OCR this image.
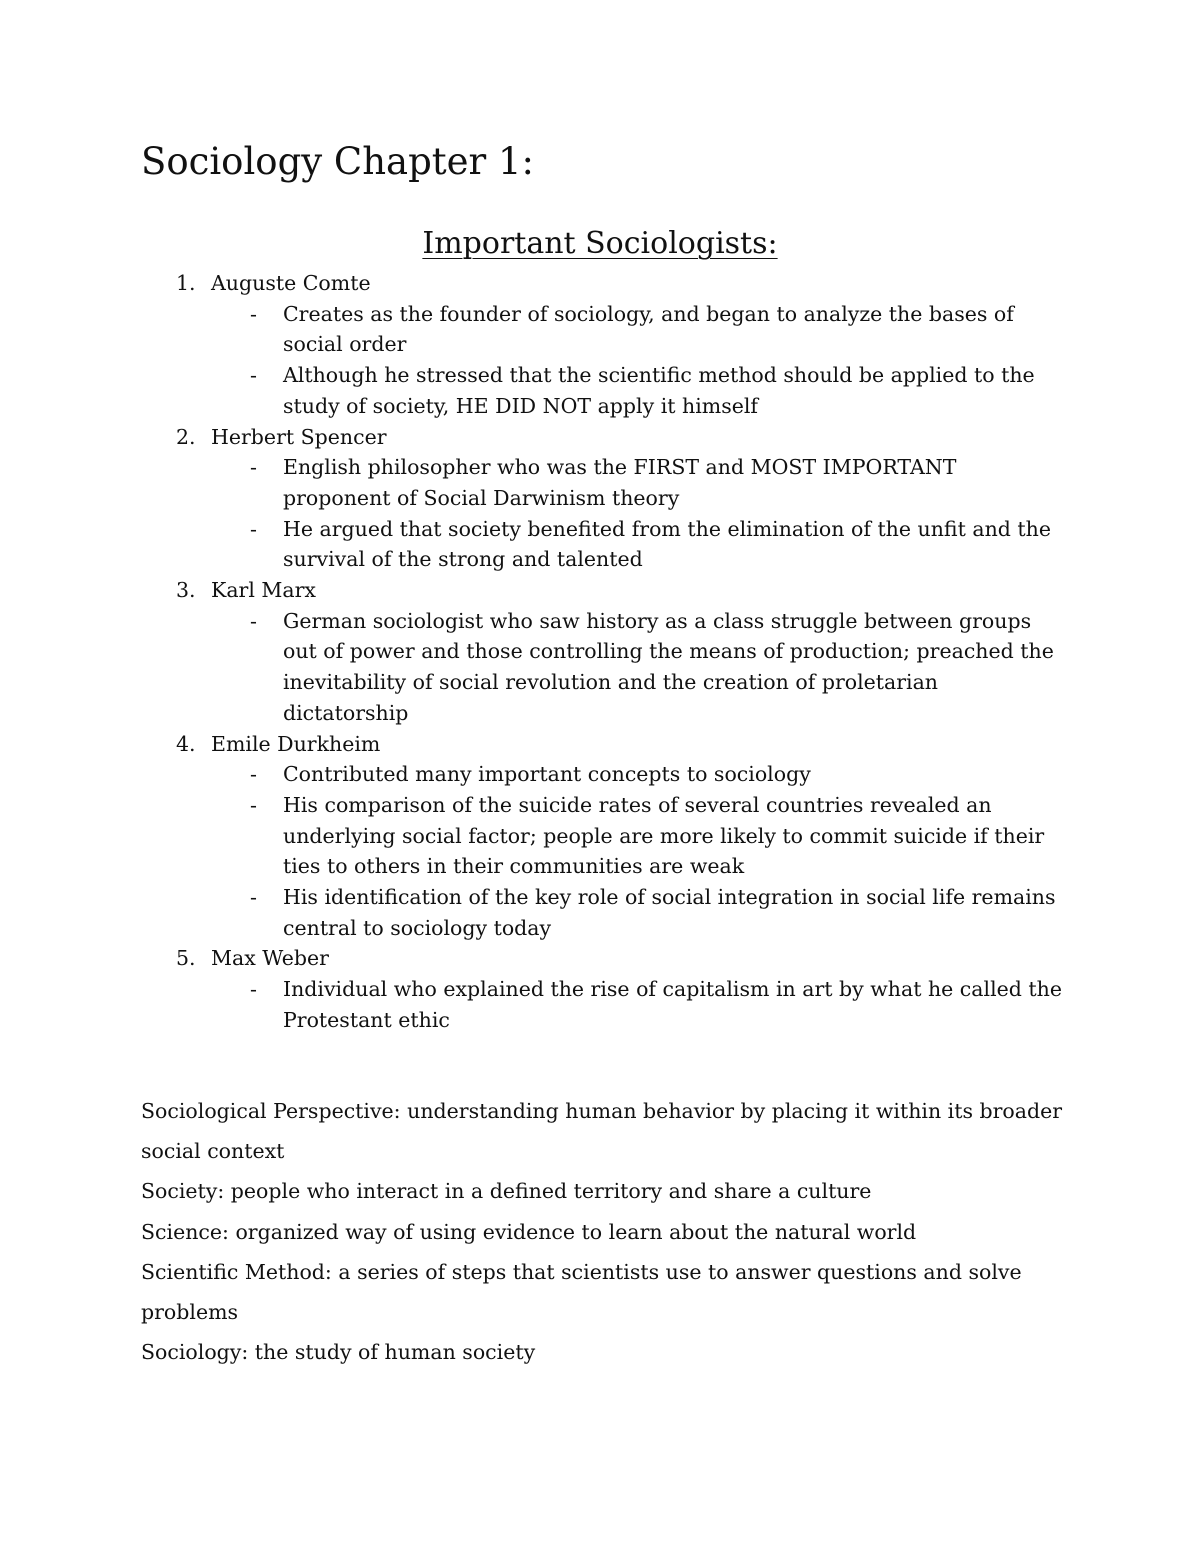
Sociology Chapter 1:
Important Sociologists:
1. Auguste Comte
- Creates as the founder of sociology, and began to analyze the bases of social order
- Although he stressed that the scientific method should be applied to the study of society, HE DID NOT apply it himself
2. Herbert Spencer
- English philosopher who was the FIRST and MOST IMPORTANT proponent of Social Darwinism theory
- He argued that society benefited from the elimination of the unfit and the survival of the strong and talented
3. Karl Marx
- German sociologist who saw history as a class struggle between groups out of power and those controlling the means of production; preached the inevitability of social revolution and the creation of proletarian dictatorship
4. Emile Durkheim
- Contributed many important concepts to sociology
- His comparison of the suicide rates of several countries revealed an underlying social factor; people are more likely to commit suicide if their ties to others in their communities are weak
- His identification of the key role of social integration in social life remains central to sociology today
5. Max Weber
- Individual who explained the rise of capitalism in art by what he called the Protestant ethic

Sociological Perspective: understanding human behavior by placing it within its broader social context

Society: people who interact in a defined territory and share a culture

Science: organized way of using evidence to learn about the natural world

Scientific Method: a series of steps that scientists use to answer questions and solve problems

Sociology: the study of human society
